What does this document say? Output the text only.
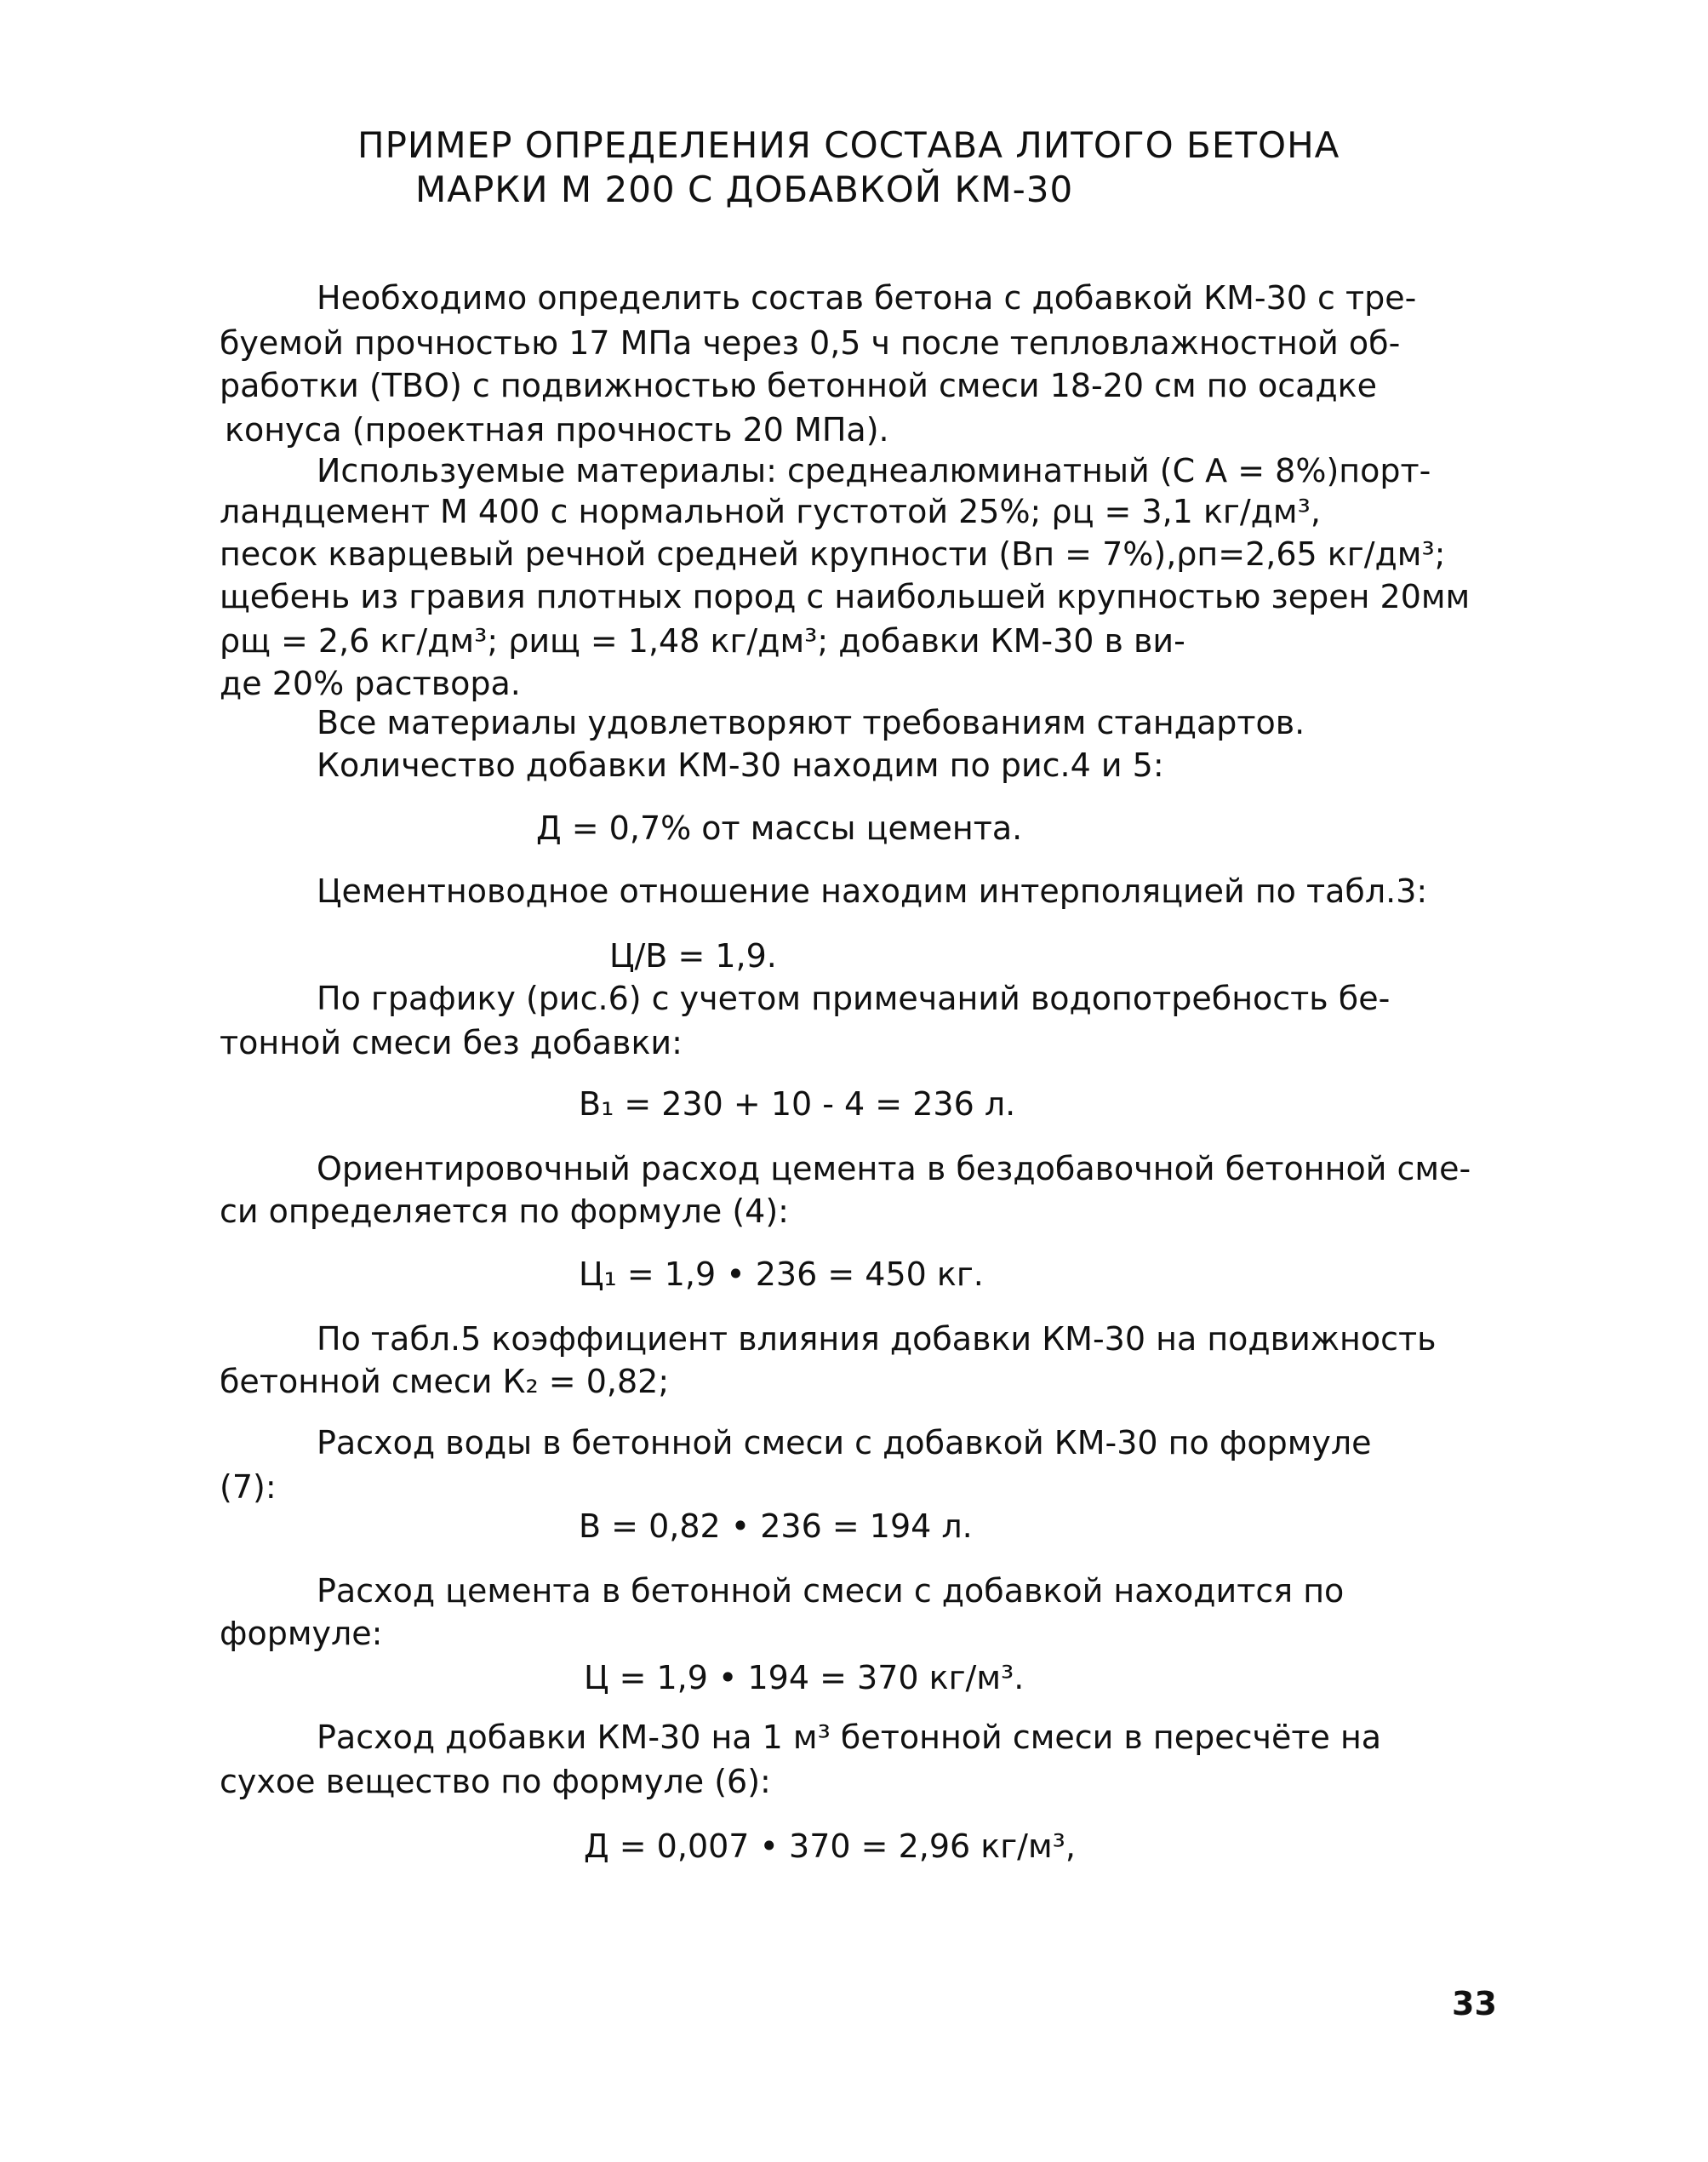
ПРИМЕР ОПРЕДЕЛЕНИЯ СОСТАВА ЛИТОГО БЕТОНА
МАРКИ М 200 С ДОБАВКОЙ КМ-30
Необходимо определить состав бетона с добавкой КМ-30 с тре-
буемой прочностью 17 МПа через 0,5 ч после тепловлажностной об-
работки (ТВО) с подвижностью бетонной смеси 18-20 см по осадке
конуса (проектная прочность 20 МПа).
Используемые материалы: среднеалюминатный (С А = 8%)порт-
ландцемент М 400 с нормальной густотой 25%; ρц = 3,1 кг/дм³,
песок кварцевый речной средней крупности (Вп = 7%),ρп=2,65 кг/дм³;
щебень из гравия плотных пород с наибольшей крупностью зерен 20мм
ρщ = 2,6 кг/дм³; ρищ = 1,48 кг/дм³; добавки КМ-30 в ви-
де 20% раствора.
Все материалы удовлетворяют требованиям стандартов.
Количество добавки КМ-30 находим по рис.4 и 5:
Д = 0,7% от массы цемента.
Цементноводное отношение находим интерполяцией по табл.3:
Ц/В = 1,9.
По графику (рис.6) с учетом примечаний водопотребность бе-
тонной смеси без добавки:
В₁ = 230 + 10 - 4 = 236 л.
Ориентировочный расход цемента в бездобавочной бетонной сме-
си определяется по формуле (4):
Ц₁ = 1,9 • 236 = 450 кг.
По табл.5 коэффициент влияния добавки КМ-30 на подвижность
бетонной смеси К₂ = 0,82;
Расход воды в бетонной смеси с добавкой КМ-30 по формуле
(7):
В = 0,82 • 236 = 194 л.
Расход цемента в бетонной смеси с добавкой находится по
формуле:
Ц = 1,9 • 194 = 370 кг/м³.
Расход добавки КМ-30 на 1 м³ бетонной смеси в пересчёте на
сухое вещество по формуле (6):
Д = 0,007 • 370 = 2,96 кг/м³,
33
